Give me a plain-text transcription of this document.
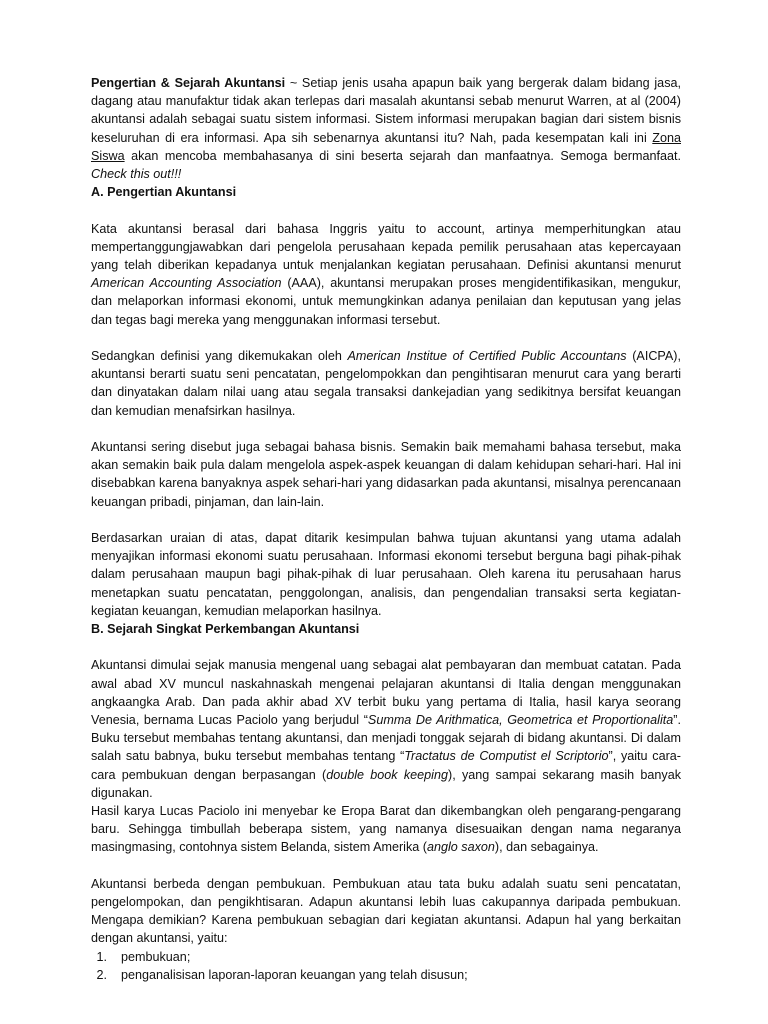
Pengertian & Sejarah Akuntansi ~ Setiap jenis usaha apapun baik yang bergerak dalam bidang jasa, dagang atau manufaktur tidak akan terlepas dari masalah akuntansi sebab menurut Warren, at al (2004) akuntansi adalah sebagai suatu sistem informasi. Sistem informasi merupakan bagian dari sistem bisnis keseluruhan di era informasi. Apa sih sebenarnya akuntansi itu? Nah, pada kesempatan kali ini Zona Siswa akan mencoba membahasanya di sini beserta sejarah dan manfaatnya. Semoga bermanfaat. Check this out!!!

A. Pengertian Akuntansi

Kata akuntansi berasal dari bahasa Inggris yaitu to account, artinya memperhitungkan atau mempertanggungjawabkan dari pengelola perusahaan kepada pemilik perusahaan atas kepercayaan yang telah diberikan kepadanya untuk menjalankan kegiatan perusahaan. Definisi akuntansi menurut American Accounting Association (AAA), akuntansi merupakan proses mengidentifikasikan, mengukur, dan melaporkan informasi ekonomi, untuk memungkinkan adanya penilaian dan keputusan yang jelas dan tegas bagi mereka yang menggunakan informasi tersebut.

Sedangkan definisi yang dikemukakan oleh American Institue of Certified Public Accountans (AICPA), akuntansi berarti suatu seni pencatatan, pengelompokkan dan pengihtisaran menurut cara yang berarti dan dinyatakan dalam nilai uang atau segala transaksi dankejadian yang sedikitnya bersifat keuangan dan kemudian menafsirkan hasilnya.

Akuntansi sering disebut juga sebagai bahasa bisnis. Semakin baik memahami bahasa tersebut, maka akan semakin baik pula dalam mengelola aspek-aspek keuangan di dalam kehidupan sehari-hari. Hal ini disebabkan karena banyaknya aspek sehari-hari yang didasarkan pada akuntansi, misalnya perencanaan keuangan pribadi, pinjaman, dan lain-lain.

Berdasarkan uraian di atas, dapat ditarik kesimpulan bahwa tujuan akuntansi yang utama adalah menyajikan informasi ekonomi suatu perusahaan. Informasi ekonomi tersebut berguna bagi pihak-pihak dalam perusahaan maupun bagi pihak-pihak di luar perusahaan. Oleh karena itu perusahaan harus menetapkan suatu pencatatan, penggolongan, analisis, dan pengendalian transaksi serta kegiatan-kegiatan keuangan, kemudian melaporkan hasilnya.

B. Sejarah Singkat Perkembangan Akuntansi

Akuntansi dimulai sejak manusia mengenal uang sebagai alat pembayaran dan membuat catatan. Pada awal abad XV muncul naskahnaskah mengenai pelajaran akuntansi di Italia dengan menggunakan angkaangka Arab. Dan pada akhir abad XV terbit buku yang pertama di Italia, hasil karya seorang Venesia, bernama Lucas Paciolo yang berjudul “Summa De Arithmatica, Geometrica et Proportionalita”. Buku tersebut membahas tentang akuntansi, dan menjadi tonggak sejarah di bidang akuntansi. Di dalam salah satu babnya, buku tersebut membahas tentang “Tractatus de Computist el Scriptorio”, yaitu cara-cara pembukuan dengan berpasangan (double book keeping), yang sampai sekarang masih banyak digunakan.

Hasil karya Lucas Paciolo ini menyebar ke Eropa Barat dan dikembangkan oleh pengarang-pengarang baru. Sehingga timbullah beberapa sistem, yang namanya disesuaikan dengan nama negaranya masingmasing, contohnya sistem Belanda, sistem Amerika (anglo saxon), dan sebagainya.

Akuntansi berbeda dengan pembukuan. Pembukuan atau tata buku adalah suatu seni pencatatan, pengelompokan, dan pengikhtisaran. Adapun akuntansi lebih luas cakupannya daripada pembukuan. Mengapa demikian? Karena pembukuan sebagian dari kegiatan akuntansi. Adapun hal yang berkaitan dengan akuntansi, yaitu:

1. pembukuan;
2. penganalisisan laporan-laporan keuangan yang telah disusun;
